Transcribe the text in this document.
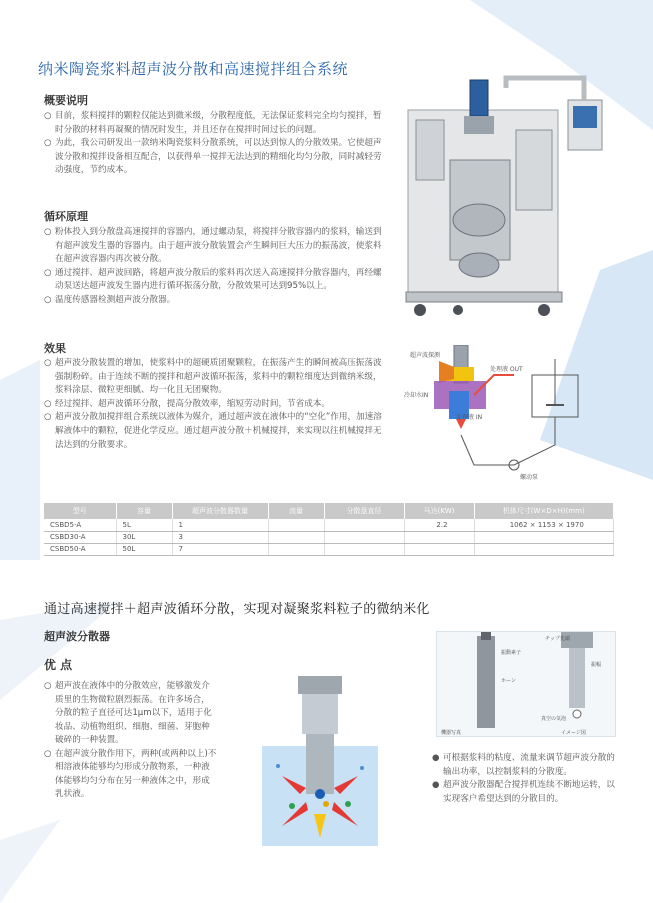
纳米陶瓷浆料超声波分散和高速搅拌组合系统
概要说明

○ 目前，浆料搅拌的颗粒仅能达到微米级，分散程度低，无法保证浆料完全均匀搅拌，暂时分散的材料再凝聚的情况时发生，并且还存在搅拌时间过长的问题。

○ 为此，我公司研发出一款纳米陶瓷浆料分散系统，可以达到惊人的分散效果。它使超声波分散和搅拌设备相互配合，以获得单一搅拌无法达到的精细化均匀分散，同时减轻劳动强度，节约成本。

循环原理

○ 粉体投入到分散盘高速搅拌的容器内，通过螺动泵，将搅拌分散容器内的浆料，输送到有超声波发生器的容器内。由于超声波分散装置会产生瞬间巨大压力的振荡波，使浆料在超声波容器内再次被分散。

○ 通过搅拌、超声波回路，将超声波分散后的浆料再次送入高速搅拌分散容器内，再经螺动泵送达超声波发生器内进行循环振荡分散，分散效果可达到95%以上。

○ 温度传感器检测超声波分散器。

效果

○ 超声波分散装置的增加，使浆料中的超硬质团聚颗粒，在振荡产生的瞬间被高压振荡波强制粉碎。由于连续不断的搅拌和超声波循环振荡，浆料中的颗粒细度达到微纳米级，浆料涂层、微粒更细腻、均一化且无团聚物。

○ 经过搅拌、超声波循环分散，提高分散效率，缩短劳动时间，节省成本。

○ 超声波分散加搅拌组合系统以液体为媒介，通过超声波在液体中的“空化”作用，加速溶解液体中的颗粒，促进化学反应。通过超声波分散＋机械搅拌，来实现以往机械搅拌无法达到的分散要求。

超声波探测
处理液 OUT
冷却水IN
处理液 IN
螺动泵
型号	容量	超声波分散器数量	流量	分散盘直径	马达(KW)	机体尺寸(W×D×H)(mm)
CSBD5-A	5L	1			2.2	1062 × 1153 × 1970
CSBD30-A	30L	3				
CSBD50-A	50L	7				
通过高速搅拌＋超声波循环分散，实现对凝聚浆料粒子的微纳米化
超声波分散器
优 点

○ 超声波在液体中的分散效应，能够激发介质里的生物微粒剧烈振荡。在许多场合，分散的粒子直径可达1μm以下，适用于化妆品、动植物组织、细胞、细菌、芽胞种破碎的一种装置。

○ 在超声波分散作用下，两种(或两种以上)不相溶液体能够均匀形成分散物系，一种液体能够均匀分布在另一种液体之中，形成乳状液。

チップ先端
振幅
振動素子
ホーン
真空の気泡
機器写真	イメージ図

● 可根据浆料的粘度、流量来调节超声波分散的输出功率，以控制浆料的分散度。

● 超声波分散器配合搅拌机连续不断地运转，以实现客户希望达到的分散目的。
